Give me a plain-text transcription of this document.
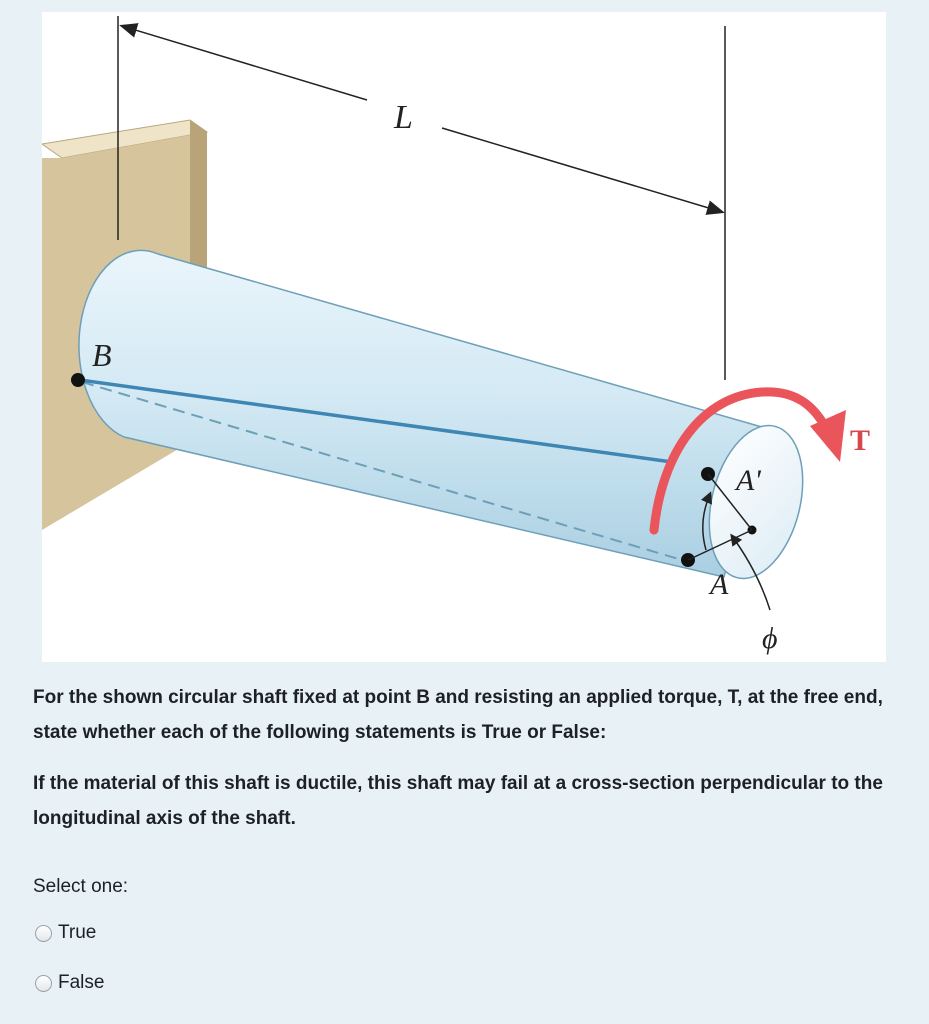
L
B
A'
A
ϕ
T

For the shown circular shaft fixed at point B and resisting an applied torque, T, at the free end, state whether each of the following statements is True or False:

If the material of this shaft is ductile, this shaft may fail at a cross-section perpendicular to the longitudinal axis of the shaft.

Select one:

True
False
